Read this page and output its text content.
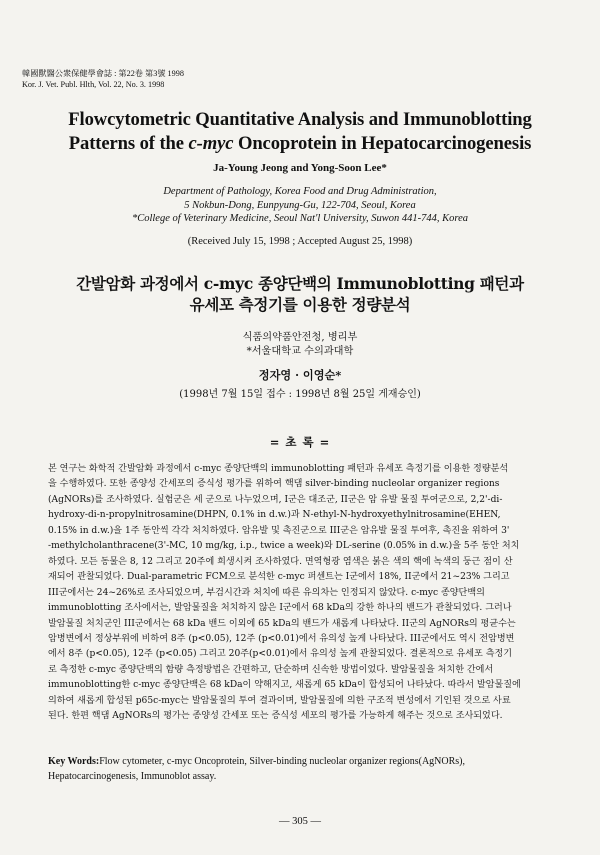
韓國獸醫公衆保健學會誌 : 第22卷 第3號 1998
Kor. J. Vet. Publ. Hlth, Vol. 22, No. 3. 1998
Flowcytometric Quantitative Analysis and Immunoblotting
Patterns of the c-myc Oncoprotein in Hepatocarcinogenesis
Ja-Young Jeong and Yong-Soon Lee*
Department of Pathology, Korea Food and Drug Administration,
5 Nokbun-Dong, Eunpyung-Gu, 122-704, Seoul, Korea
*College of Veterinary Medicine, Seoul Nat'l University, Suwon 441-744, Korea
(Received July 15, 1998 ; Accepted August 25, 1998)
간발암화 과정에서 c-myc 종양단백의 Immunoblotting 패턴과
유세포 측정기를 이용한 정량분석
식품의약품안전청, 병리부
*서울대학교 수의과대학
정자영 · 이영순*
(1998년 7월 15일 접수 : 1998년 8월 25일 게재승인)
= 초 록 =
본 연구는 화학적 간발암화 과정에서 c-myc 종양단백의 immunoblotting 패턴과 유세포 측정기를 이용한 정량분석
을 수행하였다. 또한 종양성 간세포의 증식성 평가를 위하여 핵댐 silver-binding nucleolar organizer regions
(AgNORs)를 조사하였다. 실험군은 세 군으로 나누었으며, I군은 대조군, II군은 암 유발 물질 투여군으로, 2,2'-di-
hydroxy-di-n-propylnitrosamine(DHPN, 0.1% in d.w.)과 N-ethyl-N-hydroxyethylnitrosamine(EHEN,
0.15% in d.w.)을 1주 동안씩 각각 처치하였다. 암유발 및 촉진군으로 III군은 암유발 물질 투여후, 촉진을 위하여 3'
-methylcholanthracene(3'-MC, 10 mg/kg, i.p., twice a week)와 DL-serine (0.05% in d.w.)을 5주 동안 처치
하였다. 모든 동물은 8, 12 그리고 20주에 희생시켜 조사하였다. 면역형광 염색은 붉은 색의 핵에 녹색의 둥근 점이 산
재되어 관찰되었다. Dual-parametric FCM으로 분석한 c-myc 퍼센트는 I군에서 18%, II군에서 21~23% 그리고
III군에서는 24~26%로 조사되었으며, 부검시간과 처치에 따른 유의차는 인정되지 않았다. c-myc 종양단백의
immunoblotting 조사에서는, 발암물질을 처치하지 않은 I군에서 68 kDa의 강한 하나의 밴드가 관찰되었다. 그러나
발암물질 처치군인 III군에서는 68 kDa 밴드 이외에 65 kDa의 밴드가 새롭게 나타났다. II군의 AgNORs의 평균수는
암병변에서 정상부위에 비하여 8주 (p<0.05), 12주 (p<0.01)에서 유의성 높게 나타났다. III군에서도 역시 전암병변
에서 8주 (p<0.05), 12주 (p<0.05) 그리고 20주(p<0.01)에서 유의성 높게 관찰되었다. 결론적으로 유세포 측정기
로 측정한 c-myc 종양단백의 함량 측정방법은 간편하고, 단순하며 신속한 방법이었다. 발암물질을 처치한 간에서
immunoblotting한 c-myc 종양단백은 68 kDa이 약해지고, 새롭게 65 kDa이 합성되어 나타났다. 따라서 발암물질에
의하여 새롭게 합성된 p65c-myc는 발암물질의 투여 결과이며, 발암물질에 의한 구조적 변성에서 기인된 것으로 사료
된다. 한편 핵댐 AgNORs의 평가는 종양성 간세포 또는 증식성 세포의 평가를 가능하게 해주는 것으로 조사되었다.
Key Words:Flow cytometer, c-myc Oncoprotein, Silver-binding nucleolar organizer regions(AgNORs),
Hepatocarcinogenesis, Immunoblot assay.
— 305 —
